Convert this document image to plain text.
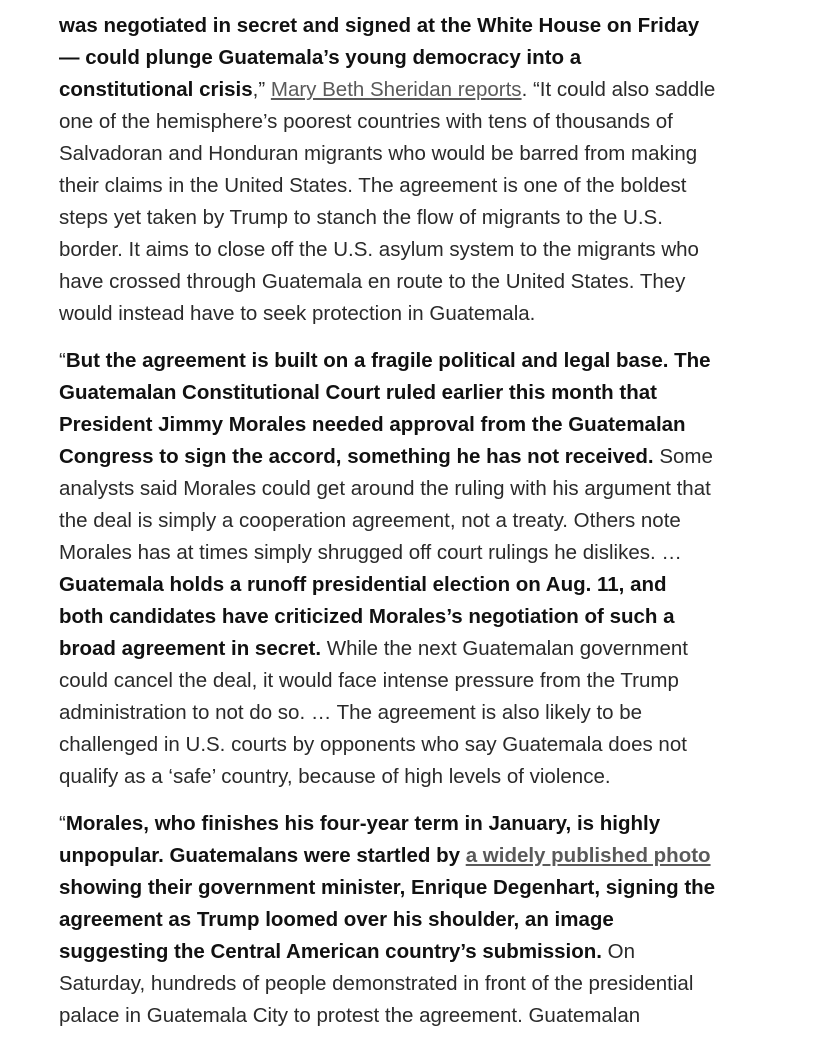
was negotiated in secret and signed at the White House on Friday
— could plunge Guatemala’s young democracy into a
constitutional crisis,” Mary Beth Sheridan reports. “It could also saddle
one of the hemisphere’s poorest countries with tens of thousands of
Salvadoran and Honduran migrants who would be barred from making
their claims in the United States. The agreement is one of the boldest
steps yet taken by Trump to stanch the flow of migrants to the U.S.
border. It aims to close off the U.S. asylum system to the migrants who
have crossed through Guatemala en route to the United States. They
would instead have to seek protection in Guatemala.

“But the agreement is built on a fragile political and legal base. The
Guatemalan Constitutional Court ruled earlier this month that
President Jimmy Morales needed approval from the Guatemalan
Congress to sign the accord, something he has not received. Some
analysts said Morales could get around the ruling with his argument that
the deal is simply a cooperation agreement, not a treaty. Others note
Morales has at times simply shrugged off court rulings he dislikes. …
Guatemala holds a runoff presidential election on Aug. 11, and
both candidates have criticized Morales’s negotiation of such a
broad agreement in secret. While the next Guatemalan government
could cancel the deal, it would face intense pressure from the Trump
administration to not do so. … The agreement is also likely to be
challenged in U.S. courts by opponents who say Guatemala does not
qualify as a ‘safe’ country, because of high levels of violence.

“Morales, who finishes his four-year term in January, is highly
unpopular. Guatemalans were startled by a widely published photo
showing their government minister, Enrique Degenhart, signing the
agreement as Trump loomed over his shoulder, an image
suggesting the Central American country’s submission. On
Saturday, hundreds of people demonstrated in front of the presidential
palace in Guatemala City to protest the agreement. Guatemalan
